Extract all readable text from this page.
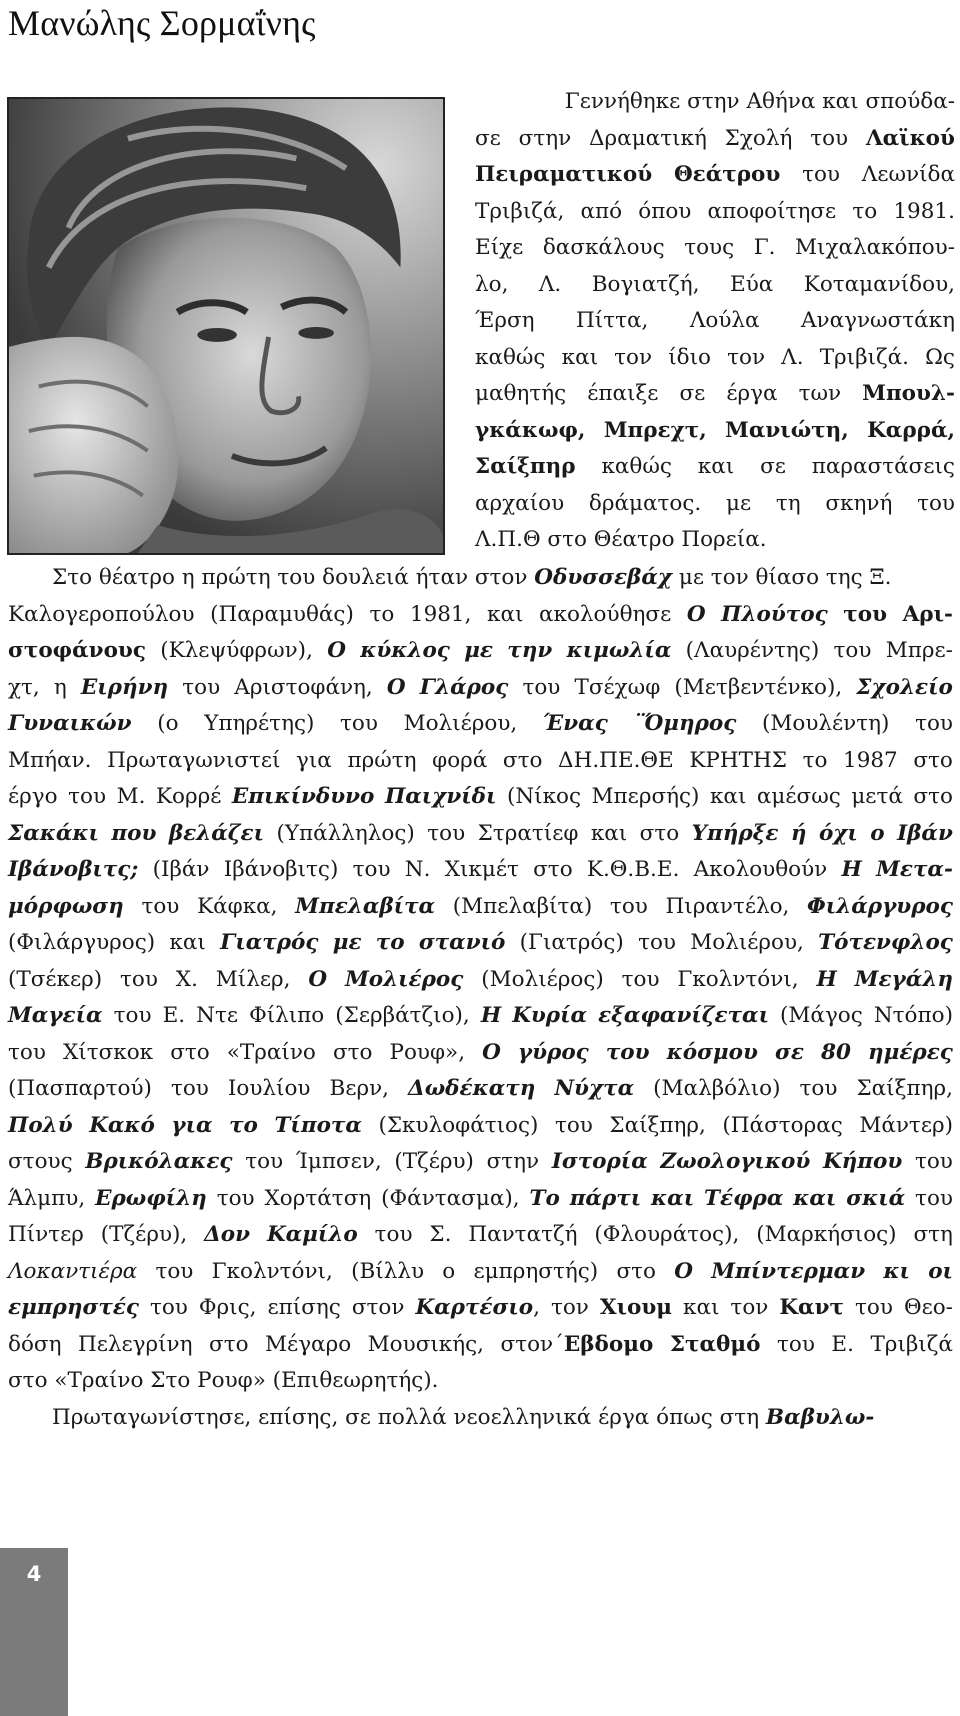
Μανώλης Σορμαΐνης
Γεννήθηκε στην Αθήνα και σπούδα-
σε στην Δραματική Σχολή του Λαϊκού
Πειραματικού Θεάτρου του Λεωνίδα
Τριβιζά, από όπου αποφοίτησε το 1981.
Είχε δασκάλους τους Γ. Μιχαλακόπου-
λο, Λ. Βογιατζή, Εύα Κοταμανίδου,
Έρση Πίττα, Λούλα Αναγνωστάκη
καθώς και τον ίδιο τον Λ. Τριβιζά. Ως
μαθητής έπαιξε σε έργα των Μπουλ-
γκάκωφ, Μπρεχτ, Μανιώτη, Καρρά,
Σαίξπηρ καθώς και σε παραστάσεις
αρχαίου δράματος. με τη σκηνή του
Λ.Π.Θ στο Θέατρο Πορεία.
Στο θέατρο η πρώτη του δουλειά ήταν στον Οδυσσεβάχ με τον θίασο της Ξ.
Καλογεροπούλου (Παραμυθάς) το 1981, και ακολούθησε Ο Πλούτος του Αρι-
στοφάνους (Κλεψύφρων), Ο κύκλος με την κιμωλία (Λαυρέντης) του Μπρε-
χτ, η Ειρήνη του Αριστοφάνη, Ο Γλάρος του Τσέχωφ (Μετβεντένκο), Σχολείο
Γυναικών (ο Υπηρέτης) του Μολιέρου, Ένας ¨Όμηρος (Μουλέντη) του
Μπήαν. Πρωταγωνιστεί για πρώτη φορά στο ΔΗ.ΠΕ.ΘΕ ΚΡΗΤΗΣ το 1987 στο
έργο του Μ. Κορρέ Επικίνδυνο Παιχνίδι (Νίκος Μπερσής) και αμέσως μετά στο
Σακάκι που βελάζει (Υπάλληλος) του Στρατίεφ και στο Υπήρξε ή όχι ο Ιβάν
Ιβάνοβιτς; (Ιβάν Ιβάνοβιτς) του Ν. Χικμέτ στο Κ.Θ.Β.Ε. Ακολουθούν Η Μετα-
μόρφωση του Κάφκα, Μπελαβίτα (Μπελαβίτα) του Πιραντέλο, Φιλάργυρος
(Φιλάργυρος) και Γιατρός με το στανιό (Γιατρός) του Μολιέρου, Τότενφλος
(Τσέκερ) του Χ. Μίλερ, Ο Μολιέρος (Μολιέρος) του Γκολντόνι, Η Μεγάλη
Μαγεία του Ε. Ντε Φίλιπο (Σερβάτζιο), Η Κυρία εξαφανίζεται (Μάγος Ντόπο)
του Χίτσκοκ στο «Τραίνο στο Ρουφ», Ο γύρος του κόσμου σε 80 ημέρες
(Πασπαρτού) του Ιουλίου Βερν, Δωδέκατη Νύχτα (Μαλβόλιο) του Σαίξπηρ,
Πολύ Κακό για το Τίποτα (Σκυλοφάτιος) του Σαίξπηρ, (Πάστορας Μάντερ)
στους Βρικόλακες του Ίμπσεν, (Τζέρυ) στην Ιστορία Ζωολογικού Κήπου του
Άλμπυ, Ερωφίλη του Χορτάτση (Φάντασμα), Το πάρτι και Τέφρα και σκιά του
Πίντερ (Τζέρυ), Δον Καμίλο του Σ. Παντατζή (Φλουράτος), (Μαρκήσιος) στη
Λοκαντιέρα του Γκολντόνι, (Βίλλυ ο εμπρηστής) στο Ο Μπίντερμαν κι οι
εμπρηστές του Φρις, επίσης στον Καρτέσιο, τον Χιουμ και τον Καντ του Θεο-
δόση Πελεγρίνη στο Μέγαρο Μουσικής, στον΄Εβδομο Σταθμό του Ε. Τριβιζά
στο «Τραίνο Στο Ρουφ» (Επιθεωρητής).
Πρωταγωνίστησε, επίσης, σε πολλά νεοελληνικά έργα όπως στη Βαβυλω-
4
